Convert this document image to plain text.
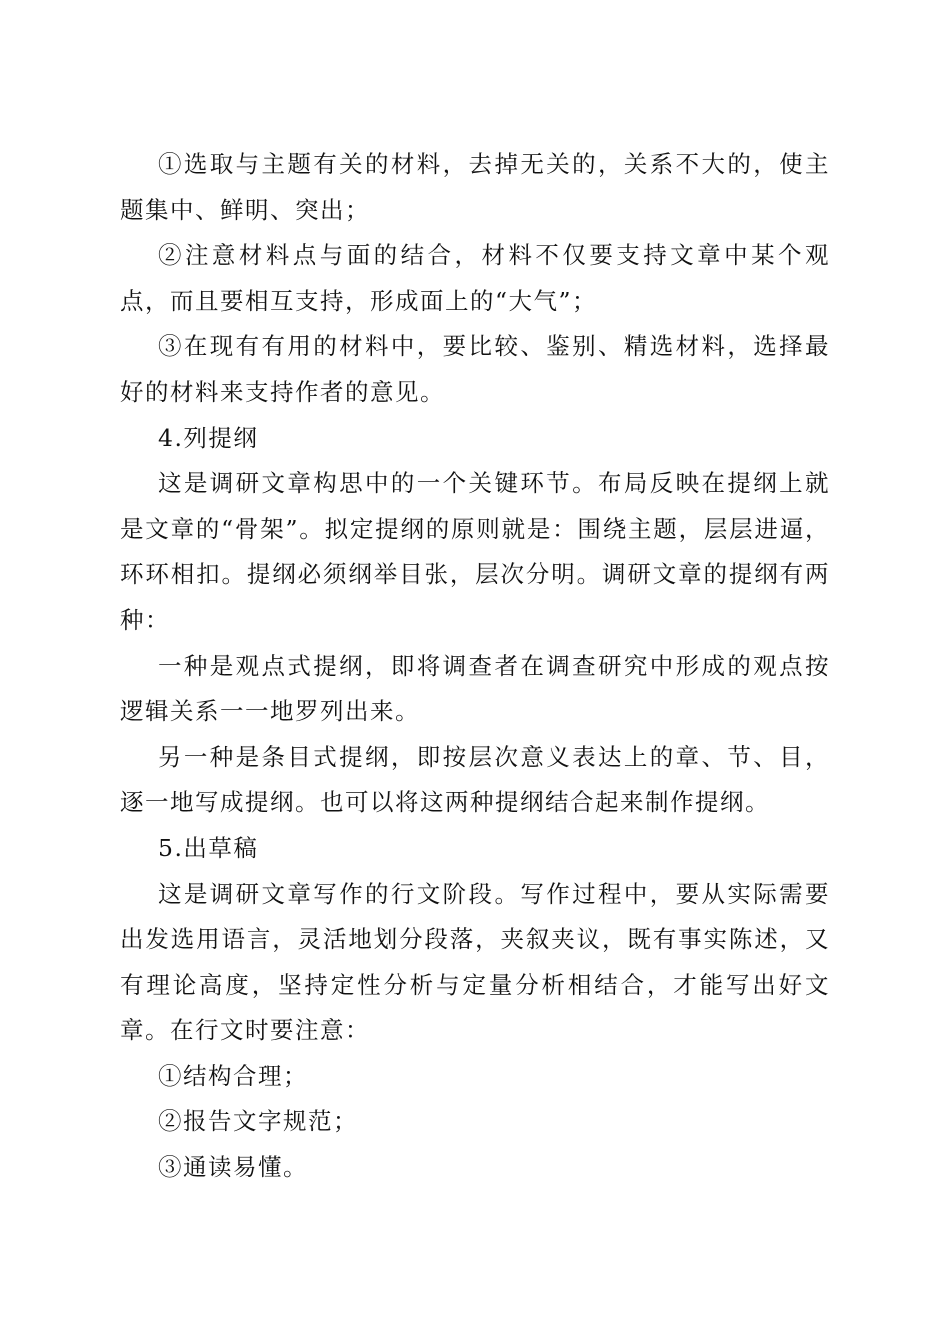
①选取与主题有关的材料，去掉无关的，关系不大的，使主题集中、鲜明、突出；

②注意材料点与面的结合，材料不仅要支持文章中某个观点，而且要相互支持，形成面上的“大气”；

③在现有有用的材料中，要比较、鉴别、精选材料，选择最好的材料来支持作者的意见。

4.列提纲

这是调研文章构思中的一个关键环节。布局反映在提纲上就是文章的“骨架”。拟定提纲的原则就是：围绕主题，层层进逼，环环相扣。提纲必须纲举目张，层次分明。调研文章的提纲有两种：

一种是观点式提纲，即将调查者在调查研究中形成的观点按逻辑关系一一地罗列出来。

另一种是条目式提纲，即按层次意义表达上的章、节、目，逐一地写成提纲。也可以将这两种提纲结合起来制作提纲。

5.出草稿

这是调研文章写作的行文阶段。写作过程中，要从实际需要出发选用语言，灵活地划分段落，夹叙夹议，既有事实陈述，又有理论高度，坚持定性分析与定量分析相结合，才能写出好文章。在行文时要注意：

①结构合理；

②报告文字规范；

③通读易懂。
